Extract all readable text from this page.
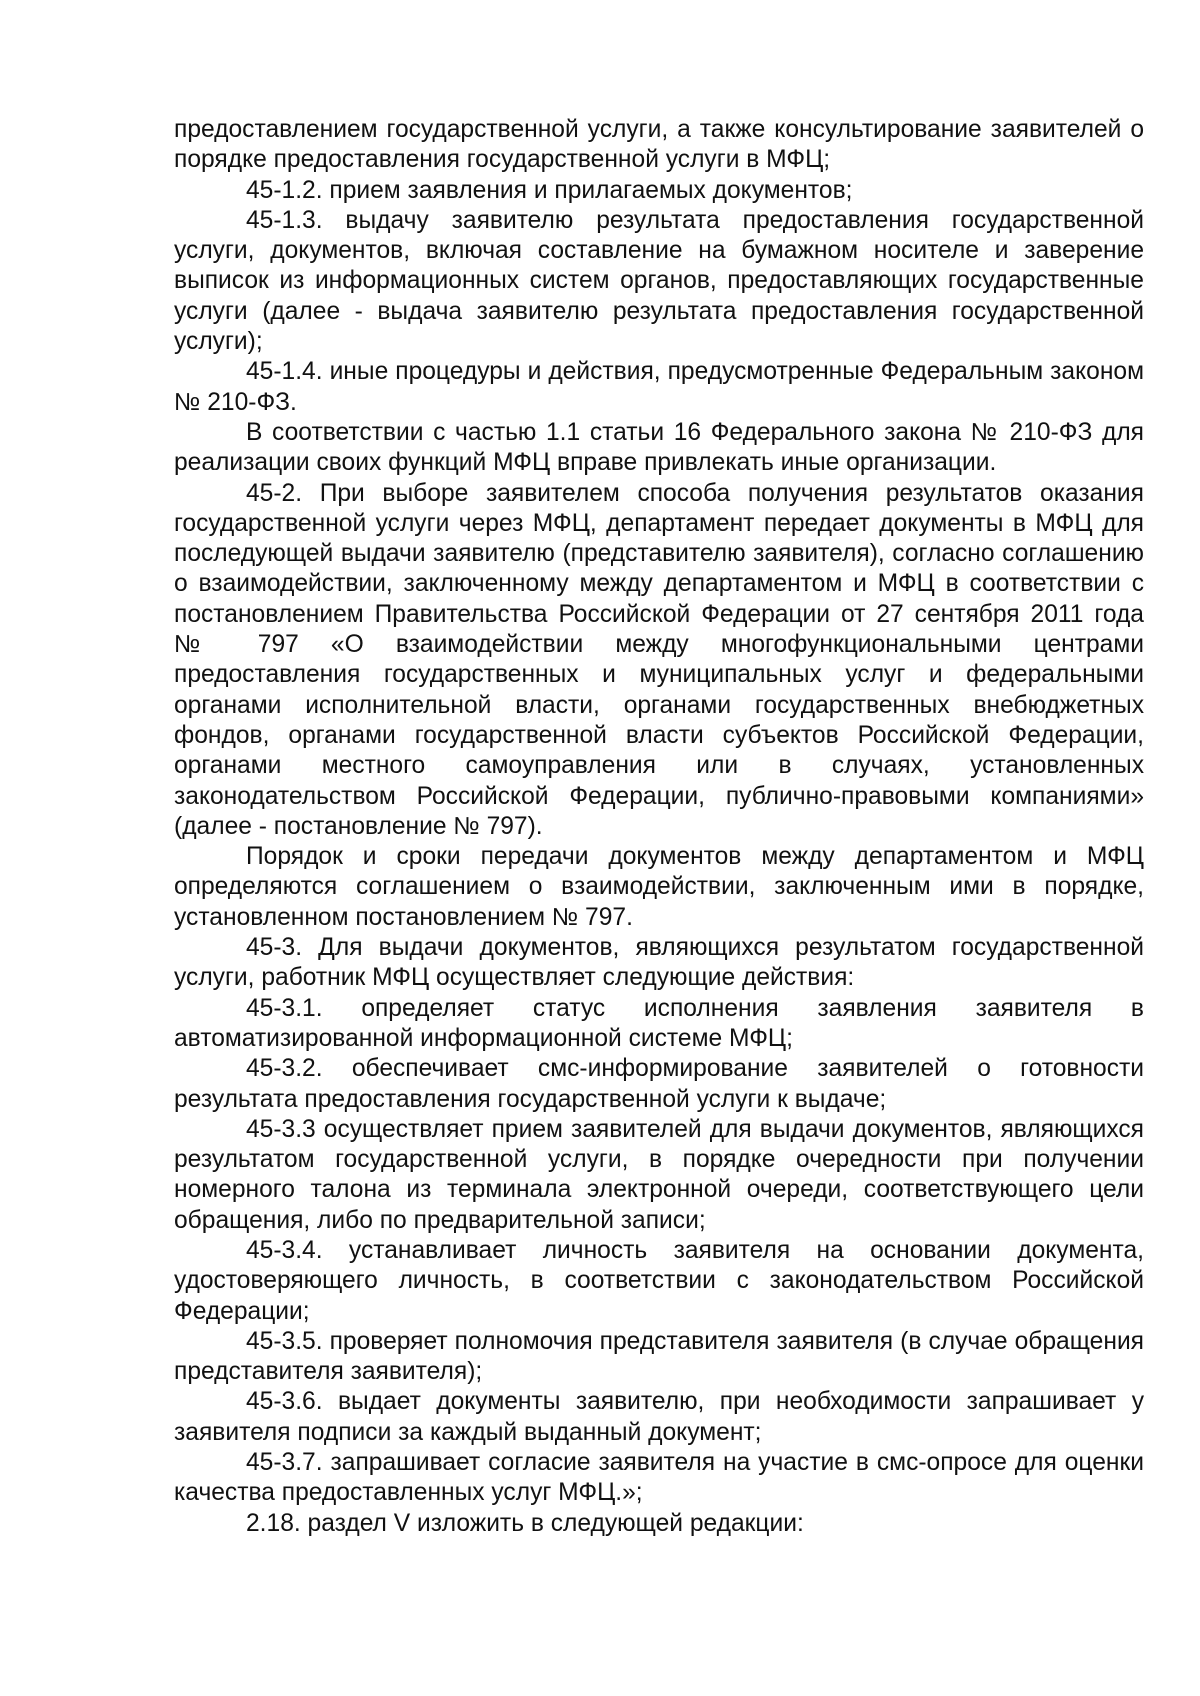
предоставлением государственной услуги, а также консультирование заявителей о порядке предоставления государственной услуги в МФЦ;

45-1.2. прием заявления и прилагаемых документов;

45-1.3. выдачу заявителю результата предоставления государственной услуги, документов, включая составление на бумажном носителе и заверение выписок из информационных систем органов, предоставляющих государственные услуги (далее - выдача заявителю результата предоставления государственной услуги);

45-1.4. иные процедуры и действия, предусмотренные Федеральным законом № 210-ФЗ.

В соответствии с частью 1.1 статьи 16 Федерального закона № 210-ФЗ для реализации своих функций МФЦ вправе привлекать иные организации.

45-2. При выборе заявителем способа получения результатов оказания государственной услуги через МФЦ, департамент передает документы в МФЦ для последующей выдачи заявителю (представителю заявителя), согласно соглашению о взаимодействии, заключенному между департаментом и МФЦ в соответствии с постановлением Правительства Российской Федерации от 27 сентября 2011 года № 797 «О взаимодействии между многофункциональными центрами предоставления государственных и муниципальных услуг и федеральными органами исполнительной власти, органами государственных внебюджетных фондов, органами государственной власти субъектов Российской Федерации, органами местного самоуправления или в случаях, установленных законодательством Российской Федерации, публично-правовыми компаниями» (далее - постановление № 797).

Порядок и сроки передачи документов между департаментом и МФЦ определяются соглашением о взаимодействии, заключенным ими в порядке, установленном постановлением № 797.

45-3. Для выдачи документов, являющихся результатом государственной услуги, работник МФЦ осуществляет следующие действия:

45-3.1. определяет статус исполнения заявления заявителя в автоматизированной информационной системе МФЦ;

45-3.2. обеспечивает смс-информирование заявителей о готовности результата предоставления государственной услуги к выдаче;

45-3.3 осуществляет прием заявителей для выдачи документов, являющихся результатом государственной услуги, в порядке очередности при получении номерного талона из терминала электронной очереди, соответствующего цели обращения, либо по предварительной записи;

45-3.4. устанавливает личность заявителя на основании документа, удостоверяющего личность, в соответствии с законодательством Российской Федерации;

45-3.5. проверяет полномочия представителя заявителя (в случае обращения представителя заявителя);

45-3.6. выдает документы заявителю, при необходимости запрашивает у заявителя подписи за каждый выданный документ;

45-3.7. запрашивает согласие заявителя на участие в смс-опросе для оценки качества предоставленных услуг МФЦ.»;

2.18. раздел V изложить в следующей редакции:
